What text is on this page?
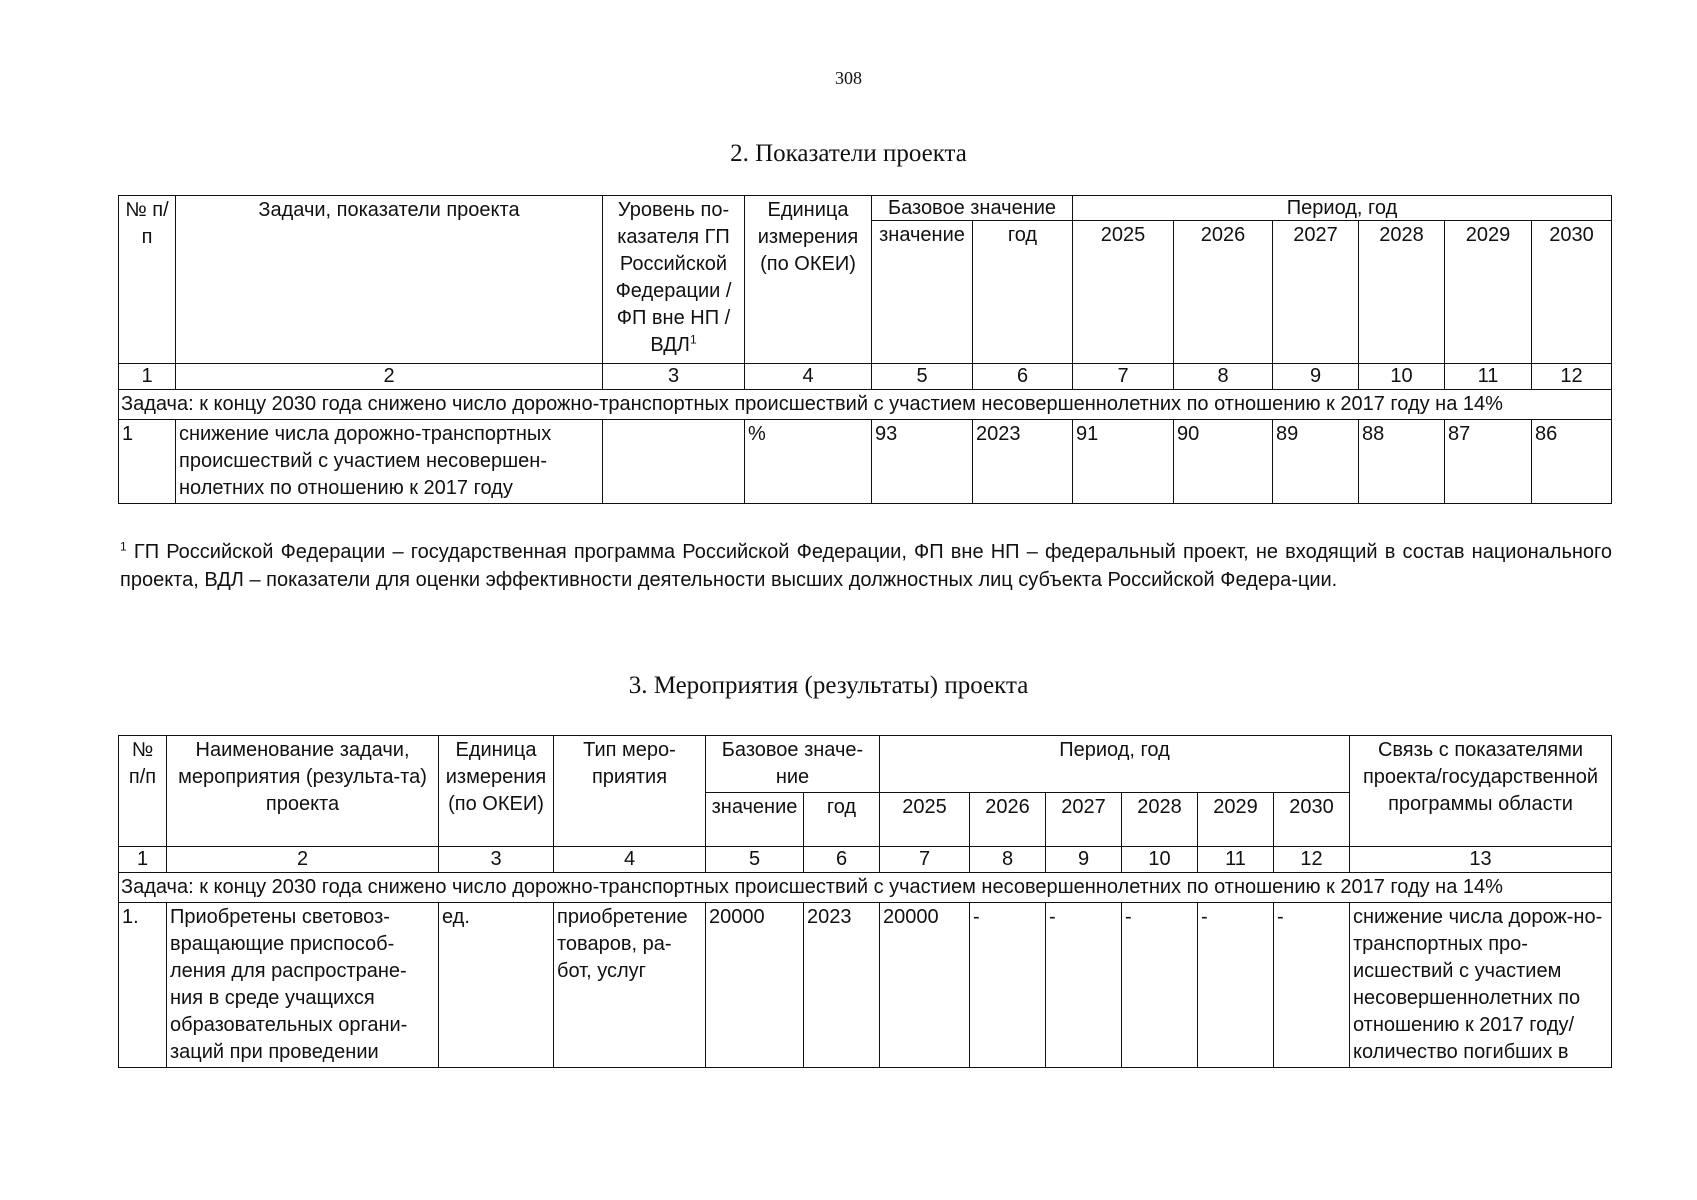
308
2. Показатели проекта
№ п/п	Задачи, показатели проекта	Уровень по-казателя ГП Российской Федерации / ФП вне НП / ВДЛ$^1$	Единица измерения (по ОКЕИ)	Базовое значение		Период, год					
				значение	год	2025	2026	2027	2028	2029	2030
1	2	3	4	5	6	7	8	9	10	11	12
Задача: к концу 2030 года снижено число дорожно-транспортных происшествий с участием несовершеннолетних по отношению к 2017 году на 14%											
1	снижение числа дорожно-транспортных происшествий с участием несовершен-нолетних по отношению к 2017 году		%	93	2023	91	90	89	88	87	86
$^1$ ГП Российской Федерации – государственная программа Российской Федерации, ФП вне НП – федеральный проект, не входящий в состав национального проекта, ВДЛ – показатели для оценки эффективности деятельности высших должностных лиц субъекта Российской Федера-ции.
3. Мероприятия (результаты) проекта
№ п/п	Наименование задачи, мероприятия (результа-та) проекта	Единица измерения (по ОКЕИ)	Тип меро-приятия	Базовое значе-ние		Период, год						Связь с показателями проекта/государственной программы области
				значение	год	2025	2026	2027	2028	2029	2030	
1	2	3	4	5	6	7	8	9	10	11	12	13
Задача: к концу 2030 года снижено число дорожно-транспортных происшествий с участием несовершеннолетних по отношению к 2017 году на 14%												
1.	Приобретены световоз-вращающие приспособ-ления для распростране-ния в среде учащихся образовательных органи-заций при проведении	ед.	приобретение товаров, ра-бот, услуг	20000	2023	20000	-	-	-	-	-	снижение числа дорож-но-транспортных про-исшествий с участием несовершеннолетних по отношению к 2017 году/ количество погибших в
